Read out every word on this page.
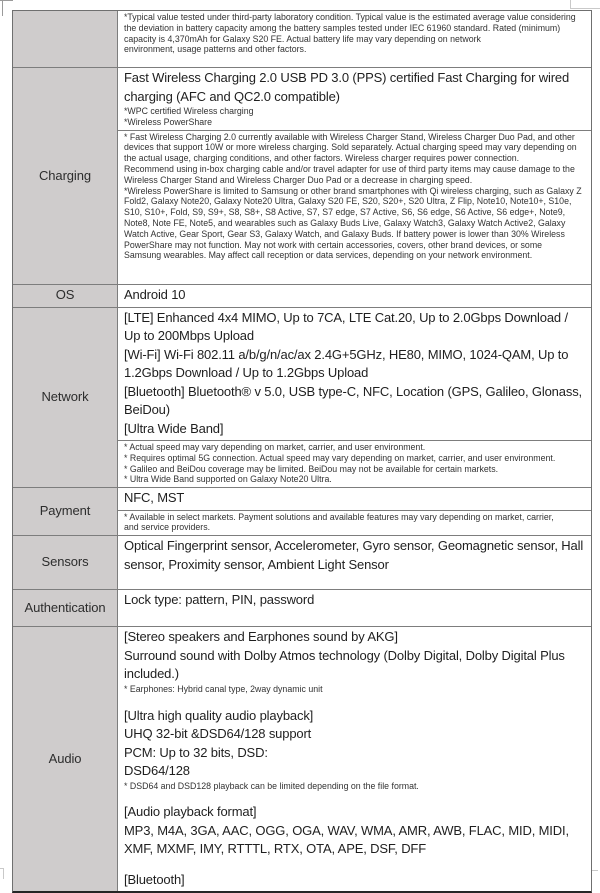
*Typical value tested under third-party laboratory condition. Typical value is the estimated average value considering the deviation in battery capacity among the battery samples tested under IEC 61960 standard. Rated (minimum) capacity is 4,370mAh for Galaxy S20 FE. Actual battery life may vary depending on network

environment, usage patterns and other factors.

Charging

Fast Wireless Charging 2.0 USB PD 3.0 (PPS) certified Fast Charging for wired charging (AFC and QC2.0 compatible)

*WPC certified Wireless charging

*Wireless PowerShare

* Fast Wireless Charging 2.0 currently available with Wireless Charger Stand, Wireless Charger Duo Pad, and other devices that support 10W or more wireless charging. Sold separately. Actual charging speed may vary depending on the actual usage, charging conditions, and other factors. Wireless charger requires power connection.

Recommend using in-box charging cable and/or travel adapter for use of third party items may cause damage to the Wireless Charger Stand and Wireless Charger Duo Pad or a decrease in charging speed.

*Wireless PowerShare is limited to Samsung or other brand smartphones with Qi wireless charging, such as Galaxy Z Fold2, Galaxy Note20, Galaxy Note20 Ultra, Galaxy S20 FE, S20, S20+, S20 Ultra, Z Flip, Note10, Note10+, S10e, S10, S10+, Fold, S9, S9+, S8, S8+, S8 Active, S7, S7 edge, S7 Active, S6, S6 edge, S6 Active, S6 edge+, Note9, Note8, Note FE, Note5, and wearables such as Galaxy Buds Live, Galaxy Watch3, Galaxy Watch Active2, Galaxy Watch Active, Gear Sport, Gear S3, Galaxy Watch, and Galaxy Buds. If battery power is lower than 30% Wireless PowerShare may not function. May not work with certain accessories, covers, other brand devices, or some

Samsung wearables. May affect call reception or data services, depending on your network environment.

OS	Android 10

Network

[LTE] Enhanced 4x4 MIMO, Up to 7CA, LTE Cat.20, Up to 2.0Gbps Download / Up to 200Mbps Upload

[Wi-Fi] Wi-Fi 802.11 a/b/g/n/ac/ax 2.4G+5GHz, HE80, MIMO, 1024-QAM, Up to 1.2Gbps Download / Up to 1.2Gbps Upload

[Bluetooth] Bluetooth® v 5.0, USB type-C, NFC, Location (GPS, Galileo, Glonass, BeiDou)

[Ultra Wide Band]

* Actual speed may vary depending on market, carrier, and user environment.

* Requires optimal 5G connection. Actual speed may vary depending on market, carrier, and user environment.

* Galileo and BeiDou coverage may be limited. BeiDou may not be available for certain markets.

* Ultra Wide Band supported on Galaxy Note20 Ultra.

Payment

NFC, MST

* Available in select markets. Payment solutions and available features may vary depending on market, carrier,

and service providers.

Sensors

Optical Fingerprint sensor, Accelerometer, Gyro sensor, Geomagnetic sensor, Hall

sensor, Proximity sensor, Ambient Light Sensor

Authentication

Lock type: pattern, PIN, password

Audio

[Stereo speakers and Earphones sound by AKG]

Surround sound with Dolby Atmos technology (Dolby Digital, Dolby Digital Plus included.)

* Earphones: Hybrid canal type, 2way dynamic unit

[Ultra high quality audio playback]

UHQ 32-bit &DSD64/128 support

PCM: Up to 32 bits, DSD:

DSD64/128

* DSD64 and DSD128 playback can be limited depending on the file format.

[Audio playback format]

MP3, M4A, 3GA, AAC, OGG, OGA, WAV, WMA, AMR, AWB, FLAC, MID, MIDI, XMF, MXMF, IMY, RTTTL, RTX, OTA, APE, DSF, DFF

[Bluetooth]
